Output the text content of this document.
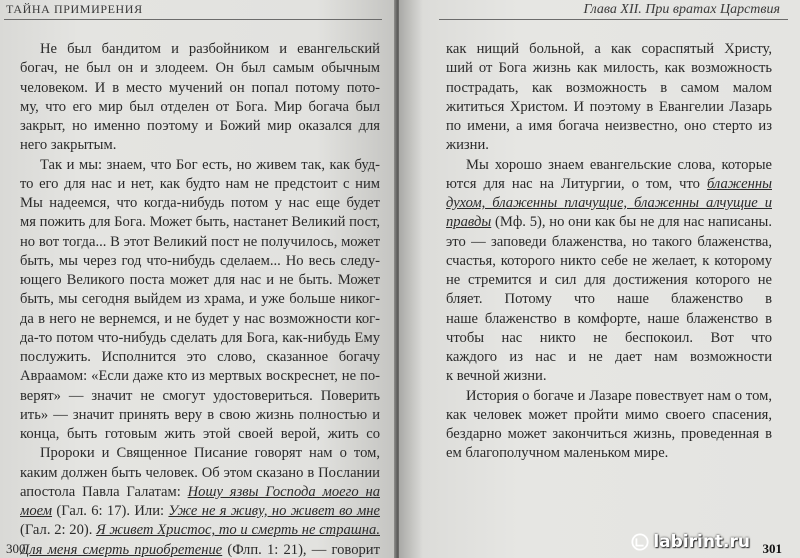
ТАЙНА ПРИМИРЕНИЯ
Не был бандитом и разбойником и евангельский
богач, не был он и злодеем. Он был самым обычным
человеком. И в место мучений он попал потому пото-
му, что его мир был отделен от Бога. Мир богача был
закрыт, но именно поэтому и Божий мир оказался для
него закрытым.
Так и мы: знаем, что Бог есть, но живем так, как буд-
то его для нас и нет, как будто нам не предстоит с ним
Мы надеемся, что когда-нибудь потом у нас еще будет
мя пожить для Бога. Может быть, настанет Великий пост,
но вот тогда... В этот Великий пост не получилось, может
быть, мы через год что-нибудь сделаем... Но весь следу-
ющего Великого поста может для нас и не быть. Может
быть, мы сегодня выйдем из храма, и уже больше никог-
да в него не вернемся, и не будет у нас возможности ког-
да-то потом что-нибудь сделать для Бога, как-нибудь Ему
послужить. Исполнится это слово, сказанное богачу
Авраамом: «Если даже кто из мертвых воскреснет, не по-
верят» — значит не смогут удостовериться. Поверить
ить» — значит принять веру в свою жизнь полностью и
конца, быть готовым жить этой своей верой, жить со
Пророки и Священное Писание говорят нам о том,
каким должен быть человек. Об этом сказано в Послании
апостола Павла Галатам: Ношу язвы Господа моего на
моем (Гал. 6: 17). Или: Уже не я живу, но живет во мне
(Гал. 2: 20). Я живет Христос, то и смерть не страшна.
Для меня смерть приобретение (Флп. 1: 21), — говорит
300
Глава XII. При вратах Царствия
как нищий больной, а как сораспятый Христу,
ший от Бога жизнь как милость, как возможность
пострадать, как возможность в самом малом
жититься Христом. И поэтому в Евангелии Лазарь
по имени, а имя богача неизвестно, оно стерто из
жизни.
Мы хорошо знаем евангельские слова, которые
ются для нас на Литургии, о том, что блаженны
духом, блаженны плачущие, блаженны алчущие и
правды (Мф. 5), но они как бы не для нас написаны.
это — заповеди блаженства, но такого блаженства,
счастья, которого никто себе не желает, к которому
не стремится и сил для достижения которого не
бляет. Потому что наше блаженство в
наше блаженство в комфорте, наше блаженство в
чтобы нас никто не беспокоил. Вот что
каждого из нас и не дает нам возможности
к вечной жизни.
История о богаче и Лазаре повествует нам о том,
как человек может пройти мимо своего спасения,
бездарно может закончиться жизнь, проведенная в
ем благополучном маленьком мире.
labirint.ru 301
